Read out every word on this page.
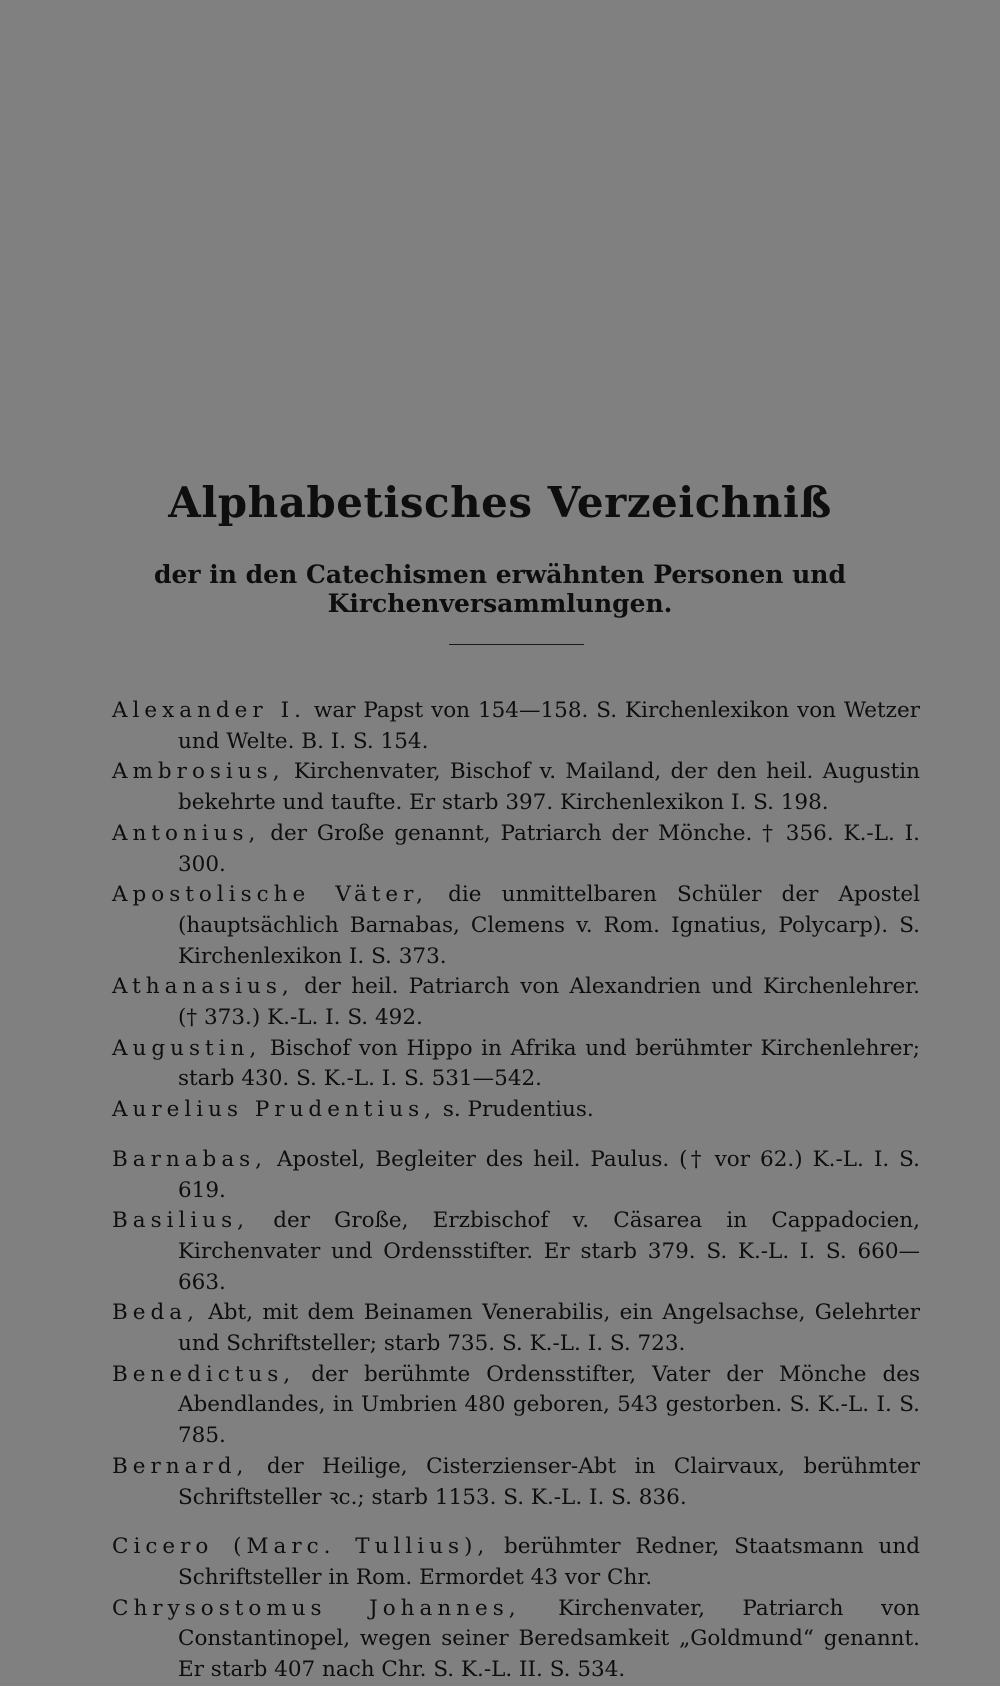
Alphabetisches Verzeichniß
der in den Catechismen erwähnten Personen und Kirchenversammlungen.
Alexander I. war Papst von 154—158. S. Kirchenlexikon von Wetzer und Welte. B. I. S. 154.
Ambrosius, Kirchenvater, Bischof v. Mailand, der den heil. Augustin bekehrte und taufte. Er starb 397. Kirchenlexikon I. S. 198.
Antonius, der Große genannt, Patriarch der Mönche. † 356. K.-L. I. 300.
Apostolische Väter, die unmittelbaren Schüler der Apostel (hauptsächlich Barnabas, Clemens v. Rom. Ignatius, Polycarp). S. Kirchenlexikon I. S. 373.
Athanasius, der heil. Patriarch von Alexandrien und Kirchenlehrer. († 373.) K.-L. I. S. 492.
Augustin, Bischof von Hippo in Afrika und berühmter Kirchenlehrer; starb 430. S. K.-L. I. S. 531—542.
Aurelius Prudentius, s. Prudentius.
Barnabas, Apostel, Begleiter des heil. Paulus. († vor 62.) K.-L. I. S. 619.
Basilius, der Große, Erzbischof v. Cäsarea in Cappadocien, Kirchenvater und Ordensstifter. Er starb 379. S. K.-L. I. S. 660—663.
Beda, Abt, mit dem Beinamen Venerabilis, ein Angelsachse, Gelehrter und Schriftsteller; starb 735. S. K.-L. I. S. 723.
Benedictus, der berühmte Ordensstifter, Vater der Mönche des Abendlandes, in Umbrien 480 geboren, 543 gestorben. S. K.-L. I. S. 785.
Bernard, der Heilige, Cisterzienser-Abt in Clairvaux, berühmter Schriftsteller ꝛc.; starb 1153. S. K.-L. I. S. 836.
Cicero (Marc. Tullius), berühmter Redner, Staatsmann und Schriftsteller in Rom. Ermordet 43 vor Chr.
Chrysostomus Johannes, Kirchenvater, Patriarch von Constantinopel, wegen seiner Beredsamkeit „Goldmund“ genannt. Er starb 407 nach Chr. S. K.-L. II. S. 534.
